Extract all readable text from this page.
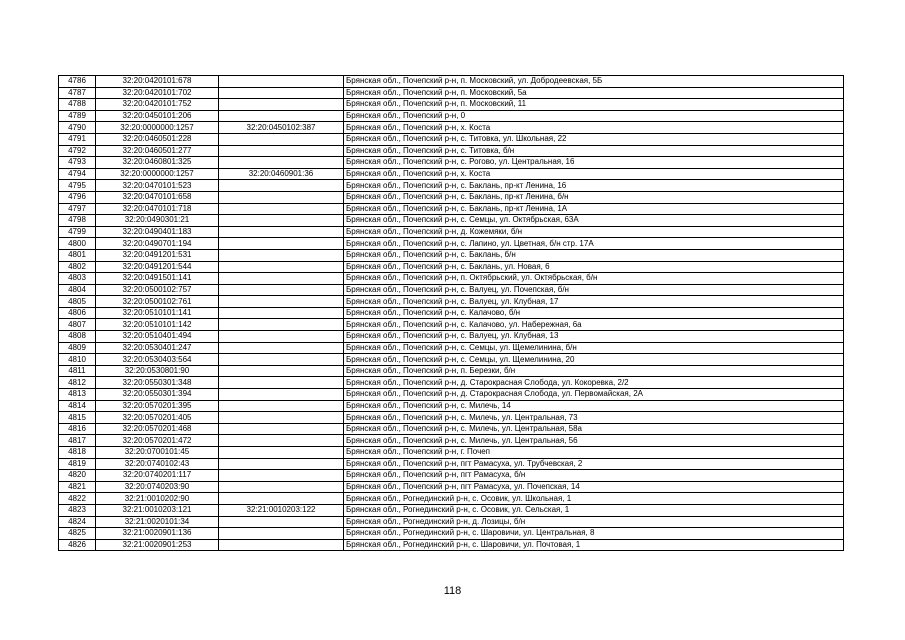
4786	32:20:0420101:678		Брянская обл., Почепский р-н, п. Московский, ул. Добродеевская, 5Б
4787	32:20:0420101:702		Брянская обл., Почепский р-н, п. Московский, 5а
4788	32:20:0420101:752		Брянская обл., Почепский р-н, п. Московский, 11
4789	32:20:0450101:206		Брянская обл., Почепский р-н, 0
4790	32:20:0000000:1257	32:20:0450102:387	Брянская обл., Почепский р-н, х. Коста
4791	32:20:0460501:228		Брянская обл., Почепский р-н, с. Титовка, ул. Школьная, 22
4792	32:20:0460501:277		Брянская обл., Почепский р-н, с. Титовка, б/н
4793	32:20:0460801:325		Брянская обл., Почепский р-н, с. Рогово, ул. Центральная, 16
4794	32:20:0000000:1257	32:20:0460901:36	Брянская обл., Почепский р-н, х. Коста
4795	32:20:0470101:523		Брянская обл., Почепский р-н, с. Баклань, пр-кт Ленина, 16
4796	32:20:0470101:658		Брянская обл., Почепский р-н, с. Баклань, пр-кт Ленина, б/н
4797	32:20:0470101:718		Брянская обл., Почепский р-н, с. Баклань, пр-кт Ленина, 1А
4798	32:20:0490301:21		Брянская обл., Почепский р-н, с. Семцы, ул. Октябрьская, 63А
4799	32:20:0490401:183		Брянская обл., Почепский р-н, д. Кожемяки, б/н
4800	32:20:0490701:194		Брянская обл., Почепский р-н, с. Лапино, ул. Цветная, б/н стр. 17А
4801	32:20:0491201:531		Брянская обл., Почепский р-н, с. Баклань, б/н
4802	32:20:0491201:544		Брянская обл., Почепский р-н, с. Баклань, ул. Новая, 6
4803	32:20:0491501:141		Брянская обл., Почепский р-н, п. Октябрьский, ул. Октябрьская, б/н
4804	32:20:0500102:757		Брянская обл., Почепский р-н, с. Валуец, ул. Почепская, б/н
4805	32:20:0500102:761		Брянская обл., Почепский р-н, с. Валуец, ул. Клубная, 17
4806	32:20:0510101:141		Брянская обл., Почепский р-н, с. Калачово, б/н
4807	32:20:0510101:142		Брянская обл., Почепский р-н, с. Калачово, ул. Набережная, 6а
4808	32:20:0510401:494		Брянская обл., Почепский р-н, с. Валуец, ул. Клубная, 13
4809	32:20:0530401:247		Брянская обл., Почепский р-н, с. Семцы, ул. Щемелинина, б/н
4810	32:20:0530403:564		Брянская обл., Почепский р-н, с. Семцы, ул. Щемелинина, 20
4811	32:20:0530801:90		Брянская обл., Почепский р-н, п. Березки, б/н
4812	32:20:0550301:348		Брянская обл., Почепский р-н, д. Старокрасная Слобода, ул. Кокоревка, 2/2
4813	32:20:0550301:394		Брянская обл., Почепский р-н, д. Старокрасная Слобода, ул. Первомайская, 2А
4814	32:20:0570201:395		Брянская обл., Почепский р-н, с. Милечь, 14
4815	32:20:0570201:405		Брянская обл., Почепский р-н, с. Милечь, ул. Центральная, 73
4816	32:20:0570201:468		Брянская обл., Почепский р-н, с. Милечь, ул. Центральная, 58а
4817	32:20:0570201:472		Брянская обл., Почепский р-н, с. Милечь, ул. Центральная, 56
4818	32:20:0700101:45		Брянская обл., Почепский р-н, г. Почеп
4819	32:20:0740102:43		Брянская обл., Почепский р-н, пгт Рамасуха, ул. Трубчевская, 2
4820	32:20:0740201:117		Брянская обл., Почепский р-н, пгт Рамасуха, б/н
4821	32:20:0740203:90		Брянская обл., Почепский р-н, пгт Рамасуха, ул. Почепская, 14
4822	32:21:0010202:90		Брянская обл., Рогнединский р-н, с. Осовик, ул. Школьная, 1
4823	32:21:0010203:121	32:21:0010203:122	Брянская обл., Рогнединский р-н, с. Осовик, ул. Сельская, 1
4824	32:21:0020101:34		Брянская обл., Рогнединский р-н, д. Лозицы, б/н
4825	32:21:0020901:136		Брянская обл., Рогнединский р-н, с. Шаровичи, ул. Центральная, 8
4826	32:21:0020901:253		Брянская обл., Рогнединский р-н, с. Шаровичи, ул. Почтовая, 1
118
